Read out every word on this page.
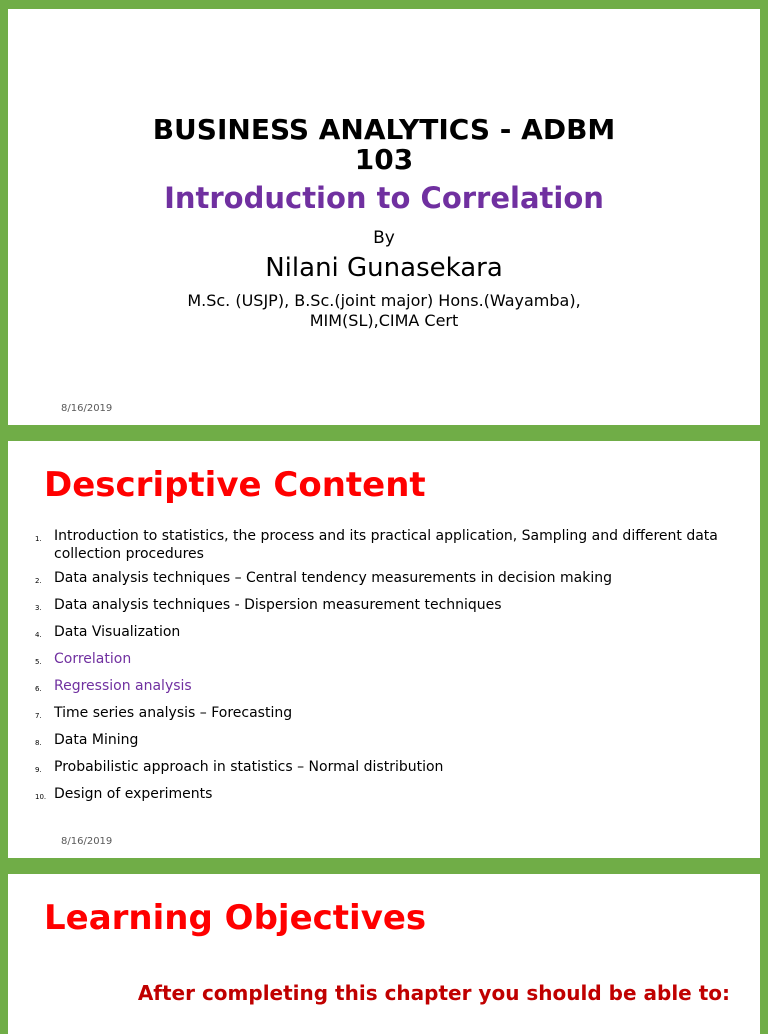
BUSINESS ANALYTICS - ADBM
103
Introduction to Correlation
By
Nilani Gunasekara
M.Sc. (USJP), B.Sc.(joint major) Hons.(Wayamba),
MIM(SL),CIMA Cert
8/16/2019
Descriptive Content
1. Introduction to statistics, the process and its practical application, Sampling and different data collection procedures
2. Data analysis techniques – Central tendency measurements in decision making
3. Data analysis techniques - Dispersion measurement techniques
4. Data Visualization
5. Correlation
6. Regression analysis
7. Time series analysis – Forecasting
8. Data Mining
9. Probabilistic approach in statistics – Normal distribution
10. Design of experiments
8/16/2019
Learning Objectives
After completing this chapter you should be able to:
